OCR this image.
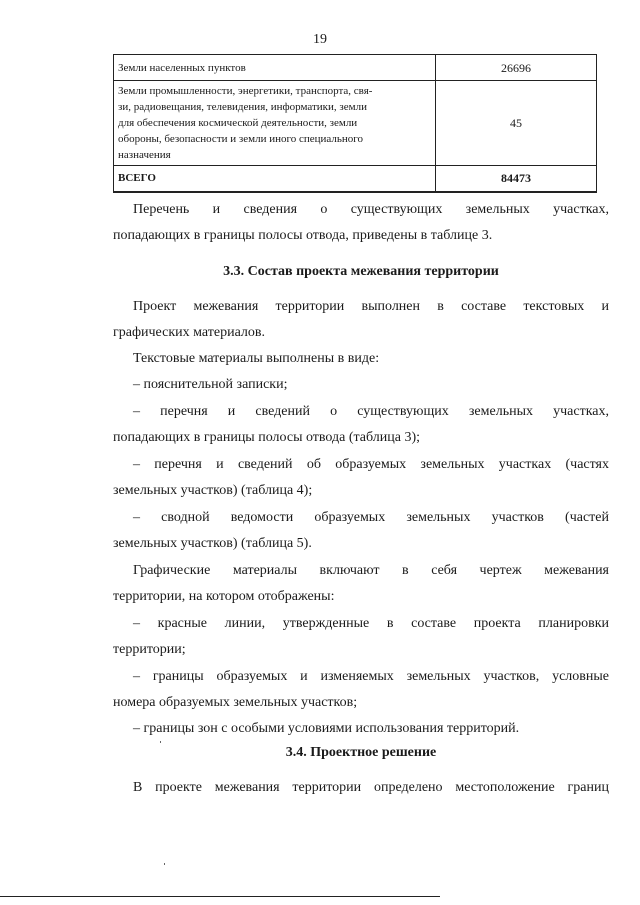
19
Земли населенных пунктов	26696

Земли промышленности, энергетики, транспорта, свя-
зи, радиовещания, телевидения, информатики, земли
для обеспечения космической деятельности, земли
обороны, безопасности и земли иного специального
назначения	45
ВСЕГО	84473
Перечень и сведения о существующих земельных участках,
попадающих в границы полосы отвода, приведены в таблице 3.
3.3. Состав проекта межевания территории
Проект межевания территории выполнен в составе текстовых и
графических материалов.
Текстовые материалы выполнены в виде:
– пояснительной записки;
– перечня и сведений о существующих земельных участках,
попадающих в границы полосы отвода (таблица 3);
– перечня и сведений об образуемых земельных участках (частях
земельных участков) (таблица 4);
– сводной ведомости образуемых земельных участков (частей
земельных участков) (таблица 5).
Графические материалы включают в себя чертеж межевания
территории, на котором отображены:
– красные линии, утвержденные в составе проекта планировки
территории;
– границы образуемых и изменяемых земельных участков, условные
номера образуемых земельных участков;
– границы зон с особыми условиями использования территорий.
3.4. Проектное решение
В проекте межевания территории определено местоположение границ
